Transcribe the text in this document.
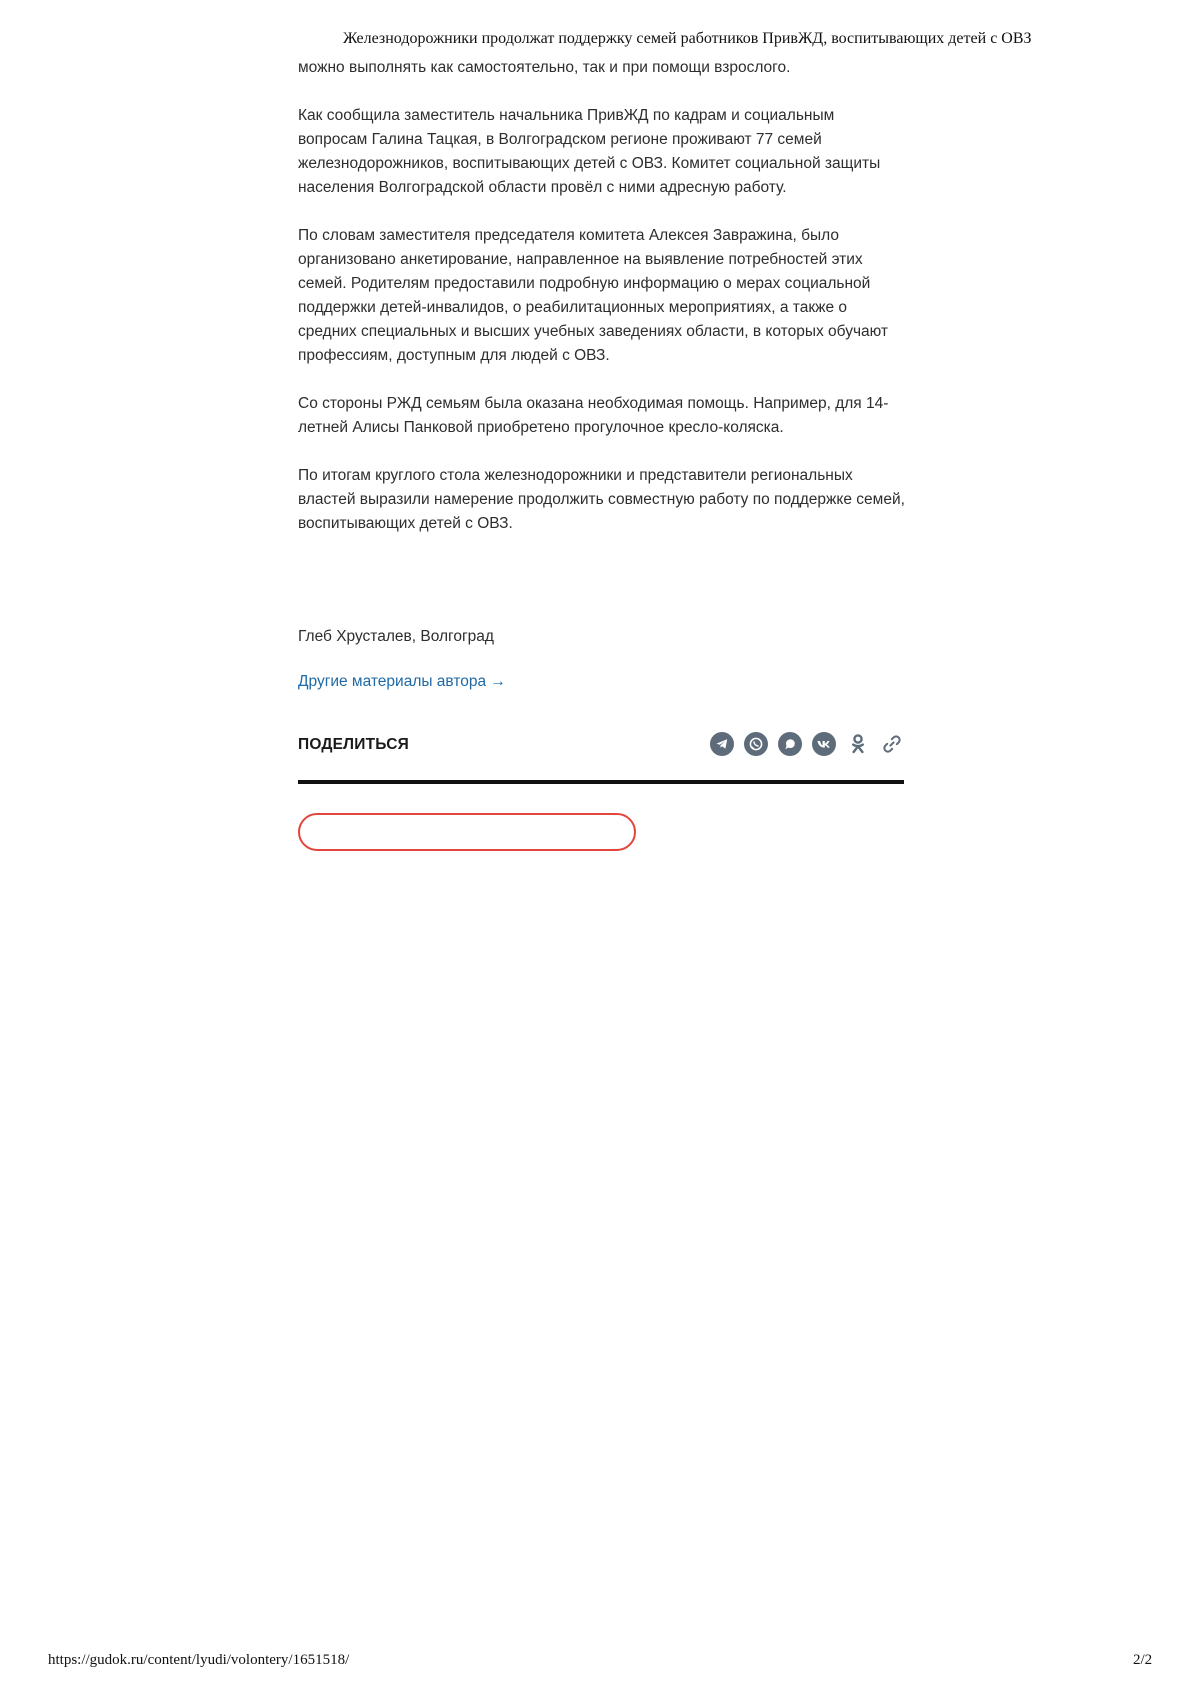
Железнодорожники продолжат поддержку семей работников ПривЖД, воспитывающих детей с ОВЗ

можно выполнять как самостоятельно, так и при помощи взрослого.

Как сообщила заместитель начальника ПривЖД по кадрам и социальным вопросам Галина Тацкая, в Волгоградском регионе проживают 77 семей железнодорожников, воспитывающих детей с ОВЗ. Комитет социальной защиты населения Волгоградской области провёл с ними адресную работу.

По словам заместителя председателя комитета Алексея Завражина, было организовано анкетирование, направленное на выявление потребностей этих семей. Родителям предоставили подробную информацию о мерах социальной поддержки детей-инвалидов, о реабилитационных мероприятиях, а также о средних специальных и высших учебных заведениях области, в которых обучают профессиям, доступным для людей с ОВЗ.

Со стороны РЖД семьям была оказана необходимая помощь. Например, для 14-летней Алисы Панковой приобретено прогулочное кресло-коляска.

По итогам круглого стола железнодорожники и представители региональных властей выразили намерение продолжить совместную работу по поддержке семей, воспитывающих детей с ОВЗ.

Глеб Хрусталев, Волгоград
Другие материалы автора →
ПОДЕЛИТЬСЯ
https://gudok.ru/content/lyudi/volontery/1651518/	2/2
